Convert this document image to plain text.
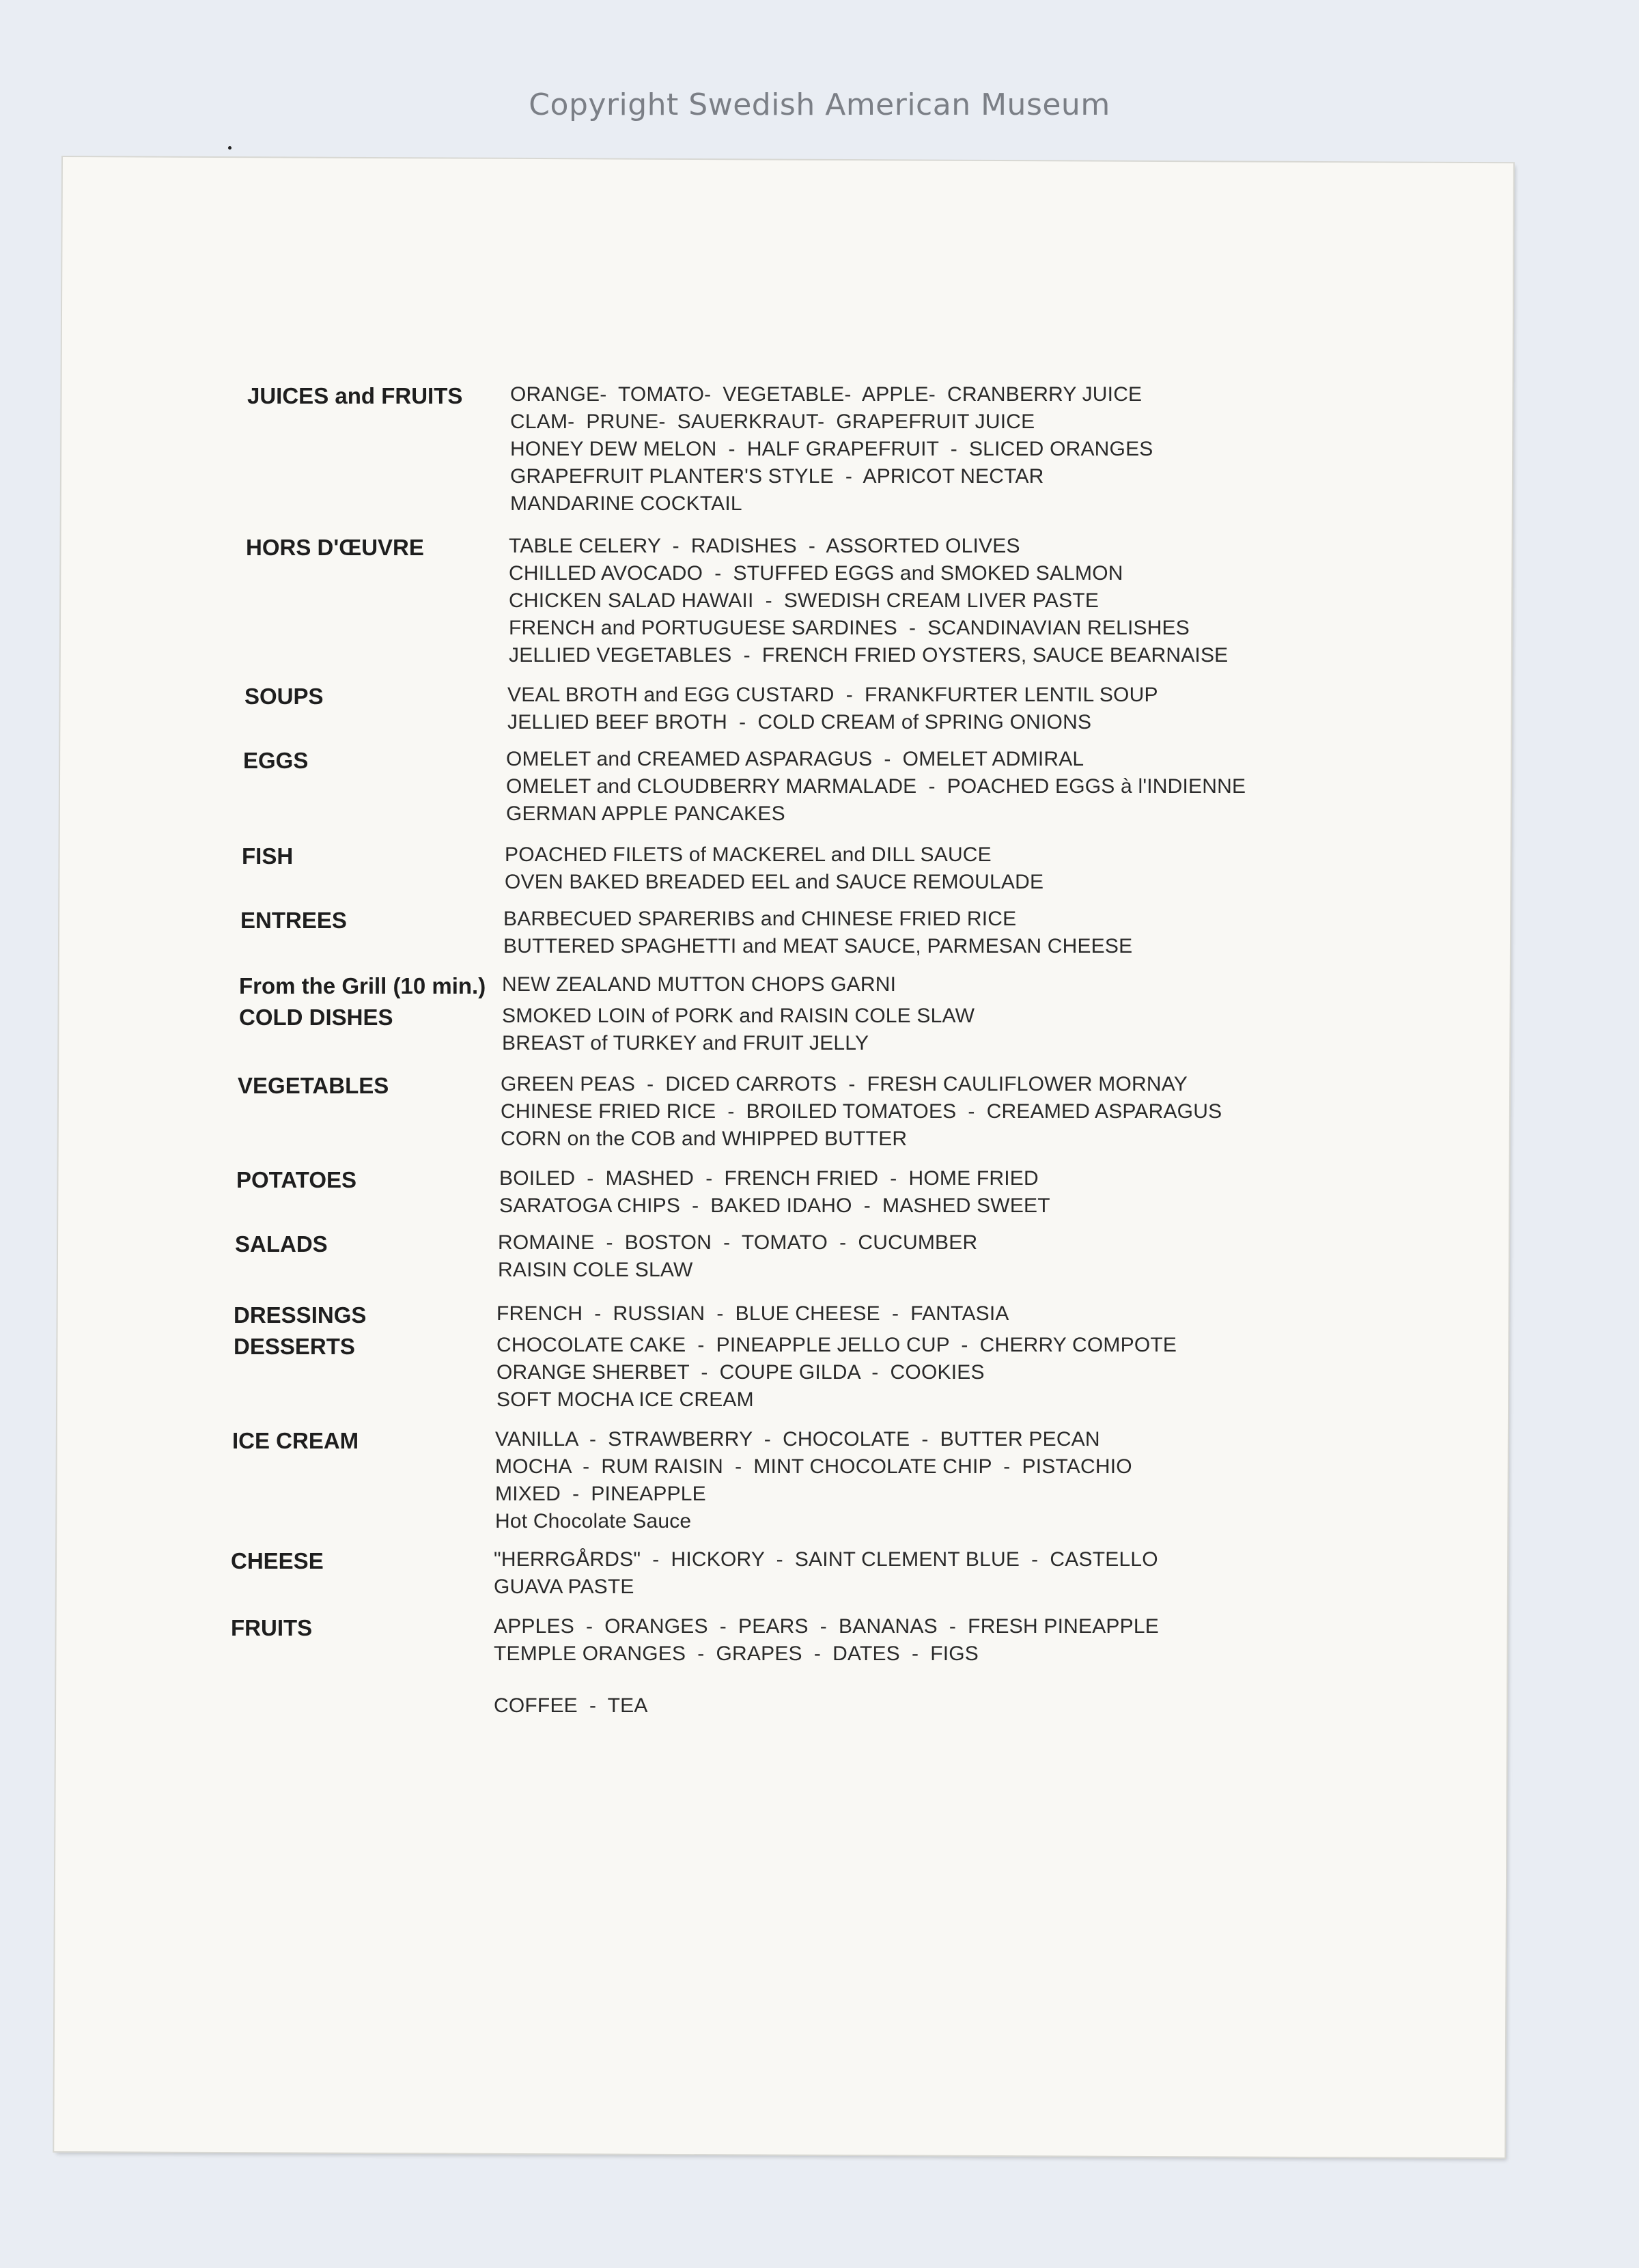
Copyright Swedish American Museum
JUICES and FRUITS	ORANGE-  TOMATO-  VEGETABLE-  APPLE-  CRANBERRY JUICE
CLAM-  PRUNE-  SAUERKRAUT-  GRAPEFRUIT JUICE
HONEY DEW MELON  -  HALF GRAPEFRUIT  -  SLICED ORANGES
GRAPEFRUIT PLANTER'S STYLE  -  APRICOT NECTAR
MANDARINE COCKTAIL
HORS D'ŒUVRE	TABLE CELERY  -  RADISHES  -  ASSORTED OLIVES
CHILLED AVOCADO  -  STUFFED EGGS and SMOKED SALMON
CHICKEN SALAD HAWAII  -  SWEDISH CREAM LIVER PASTE
FRENCH and PORTUGUESE SARDINES  -  SCANDINAVIAN RELISHES
JELLIED VEGETABLES  -  FRENCH FRIED OYSTERS, SAUCE BEARNAISE
SOUPS	VEAL BROTH and EGG CUSTARD  -  FRANKFURTER LENTIL SOUP
JELLIED BEEF BROTH  -  COLD CREAM of SPRING ONIONS
EGGS	OMELET and CREAMED ASPARAGUS  -  OMELET ADMIRAL
OMELET and CLOUDBERRY MARMALADE  -  POACHED EGGS à l'INDIENNE
GERMAN APPLE PANCAKES
FISH	POACHED FILETS of MACKEREL and DILL SAUCE
OVEN BAKED BREADED EEL and SAUCE REMOULADE
ENTREES	BARBECUED SPARERIBS and CHINESE FRIED RICE
BUTTERED SPAGHETTI and MEAT SAUCE, PARMESAN CHEESE
From the Grill (10 min.) NEW ZEALAND MUTTON CHOPS GARNI
COLD DISHES	SMOKED LOIN of PORK and RAISIN COLE SLAW
BREAST of TURKEY and FRUIT JELLY
VEGETABLES	GREEN PEAS  -  DICED CARROTS  -  FRESH CAULIFLOWER MORNAY
CHINESE FRIED RICE  -  BROILED TOMATOES  -  CREAMED ASPARAGUS
CORN on the COB and WHIPPED BUTTER
POTATOES	BOILED  -  MASHED  -  FRENCH FRIED  -  HOME FRIED
SARATOGA CHIPS  -  BAKED IDAHO  -  MASHED SWEET
SALADS	ROMAINE  -  BOSTON  -  TOMATO  -  CUCUMBER
RAISIN COLE SLAW
DRESSINGS	FRENCH  -  RUSSIAN  -  BLUE CHEESE  -  FANTASIA
DESSERTS	CHOCOLATE CAKE  -  PINEAPPLE JELLO CUP  -  CHERRY COMPOTE
ORANGE SHERBET  -  COUPE GILDA  -  COOKIES
SOFT MOCHA ICE CREAM
ICE CREAM	VANILLA  -  STRAWBERRY  -  CHOCOLATE  -  BUTTER PECAN
MOCHA  -  RUM RAISIN  -  MINT CHOCOLATE CHIP  -  PISTACHIO
MIXED  -  PINEAPPLE
Hot Chocolate Sauce
CHEESE	"HERRGÅRDS"  -  HICKORY  -  SAINT CLEMENT BLUE  -  CASTELLO
GUAVA PASTE
FRUITS	APPLES  -  ORANGES  -  PEARS  -  BANANAS  -  FRESH PINEAPPLE
TEMPLE ORANGES  -  GRAPES  -  DATES  -  FIGS
COFFEE  -  TEA
